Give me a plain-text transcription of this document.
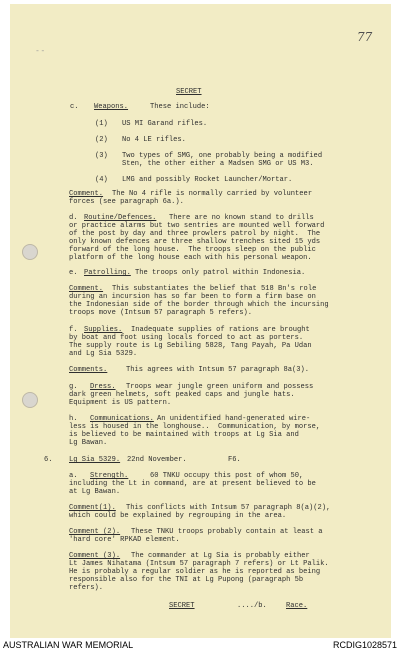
- -
77
SECRET
c. Weapons.	These include:
(1) US MI Garand rifles.
(2) No 4 LE rifles.
(3) Two types of SMG, one probably being a modified
Sten, the other either a Madsen SMG or US M3.
(4) LMG and possibly Rocket Launcher/Mortar.
Comment. The No 4 rifle is normally carried by volunteer
forces (see paragraph 6a.).
d. Routine/Defences. There are no known stand to drills
or practice alarms but two sentries are mounted well forward
of the post by day and three prowlers patrol by night.  The
only known defences are three shallow trenches sited 15 yds
forward of the long house.  The troops sleep on the public
platform of the long house each with his personal weapon.
e. Patrolling. The troops only patrol within Indonesia.
Comment. This substantiates the belief that 518 Bn's role
during an incursion has so far been to form a firm base on
the Indonesian side of the border through which the incursing
troops move (Intsum 57 paragraph 5 refers).
f. Supplies. Inadequate supplies of rations are brought
by boat and foot using locals forced to act as porters.
The supply route is Lg Sebiling 5828, Tang Payah, Pa Udan
and Lg Sia 5329.
Comments.	This agrees with Intsum 57 paragraph 8a(3).
g. Dress. Troops wear jungle green uniform and possess
dark green helmets, soft peaked caps and jungle hats.
Equipment is US pattern.
h. Communications. An unidentified hand-generated wire-
less is housed in the longhouse..  Communication, by morse,
is believed to be maintained with troops at Lg Sia and
Lg Bawan.
6. Lg Sia 5329. 22nd November.	F6.
a. Strength.	60 TNKU occupy this post of whom 50,
including the Lt in command, are at present believed to be
at Lg Bawan.
Comment(1). This conflicts with Intsum 57 paragraph 8(a)(2),
which could be explained by regrouping in the area.
Comment (2). These TNKU troops probably contain at least a
'hard core' RPKAD element.
Comment (3). The commander at Lg Sia is probably either
Lt James Nihatama (Intsum 57 paragraph 7 refers) or Lt Palik.
He is probably a regular soldier as he is reported as being
responsible also for the TNI at Lg Pupong (paragraph 5b
refers).
SECRET	..../b.	Race.
AUSTRALIAN WAR MEMORIAL	RCDIG1028571
